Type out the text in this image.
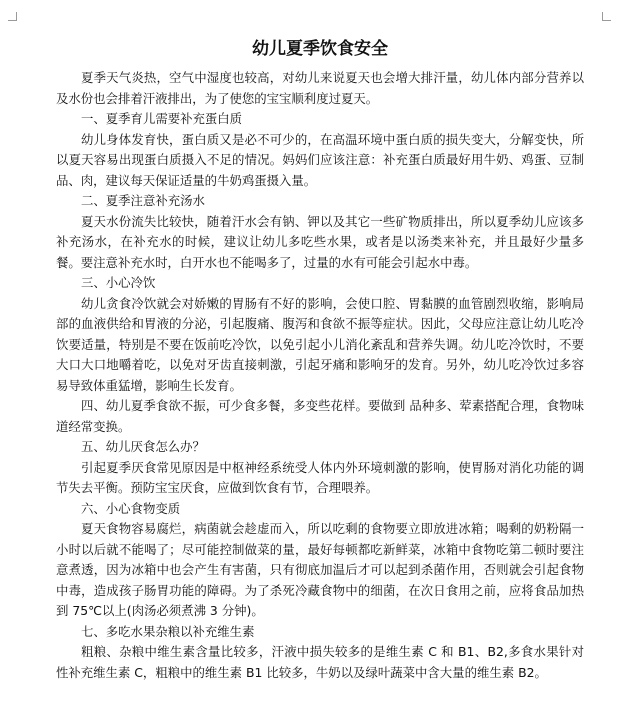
幼儿夏季饮食安全

夏季天气炎热，空气中湿度也较高，对幼儿来说夏天也会增大排汗量，幼儿体内部分营养以及水份也会排着汗液排出，为了使您的宝宝顺利度过夏天。

一、夏季育儿需要补充蛋白质

幼儿身体发育快，蛋白质又是必不可少的，在高温环境中蛋白质的损失变大，分解变快，所以夏天容易出现蛋白质摄入不足的情况。妈妈们应该注意：补充蛋白质最好用牛奶、鸡蛋、豆制品、肉，建议每天保证适量的牛奶鸡蛋摄入量。

二、夏季注意补充汤水

夏天水份流失比较快，随着汗水会有钠、钾以及其它一些矿物质排出，所以夏季幼儿应该多补充汤水，在补充水的时候，建议让幼儿多吃些水果，或者是以汤类来补充，并且最好少量多餐。要注意补充水时，白开水也不能喝多了，过量的水有可能会引起水中毒。

三、小心冷饮

幼儿贪食冷饮就会对娇嫩的胃肠有不好的影响，会使口腔、胃黏膜的血管剧烈收缩，影响局部的血液供给和胃液的分泌，引起腹痛、腹泻和食欲不振等症状。因此，父母应注意让幼儿吃冷饮要适量，特别是不要在饭前吃冷饮，以免引起小儿消化紊乱和营养失调。幼儿吃冷饮时，不要大口大口地嚼着吃，以免对牙齿直接刺激，引起牙痛和影响牙的发育。另外，幼儿吃冷饮过多容易导致体重猛增，影响生长发育。

四、幼儿夏季食欲不振，可少食多餐，多变些花样。要做到 品种多、荤素搭配合理，食物味道经常变换。

五、幼儿厌食怎么办？

引起夏季厌食常见原因是中枢神经系统受人体内外环境刺激的影响，使胃肠对消化功能的调节失去平衡。预防宝宝厌食，应做到饮食有节，合理喂养。

六、小心食物变质

夏天食物容易腐烂，病菌就会趁虚而入，所以吃剩的食物要立即放进冰箱；喝剩的奶粉隔一小时以后就不能喝了；尽可能控制做菜的量，最好每顿都吃新鲜菜，冰箱中食物吃第二顿时要注意煮透，因为冰箱中也会产生有害菌，只有彻底加温后才可以起到杀菌作用，否则就会引起食物中毒，造成孩子肠胃功能的障碍。为了杀死冷藏食物中的细菌，在次日食用之前，应将食品加热到 75℃以上(肉汤必须煮沸 3 分钟)。

七、多吃水果杂粮以补充维生素

粗粮、杂粮中维生素含量比较多，汗液中损失较多的是维生素 C 和 B1、B2,多食水果针对性补充维生素 C，粗粮中的维生素 B1 比较多，牛奶以及绿叶蔬菜中含大量的维生素 B2。
